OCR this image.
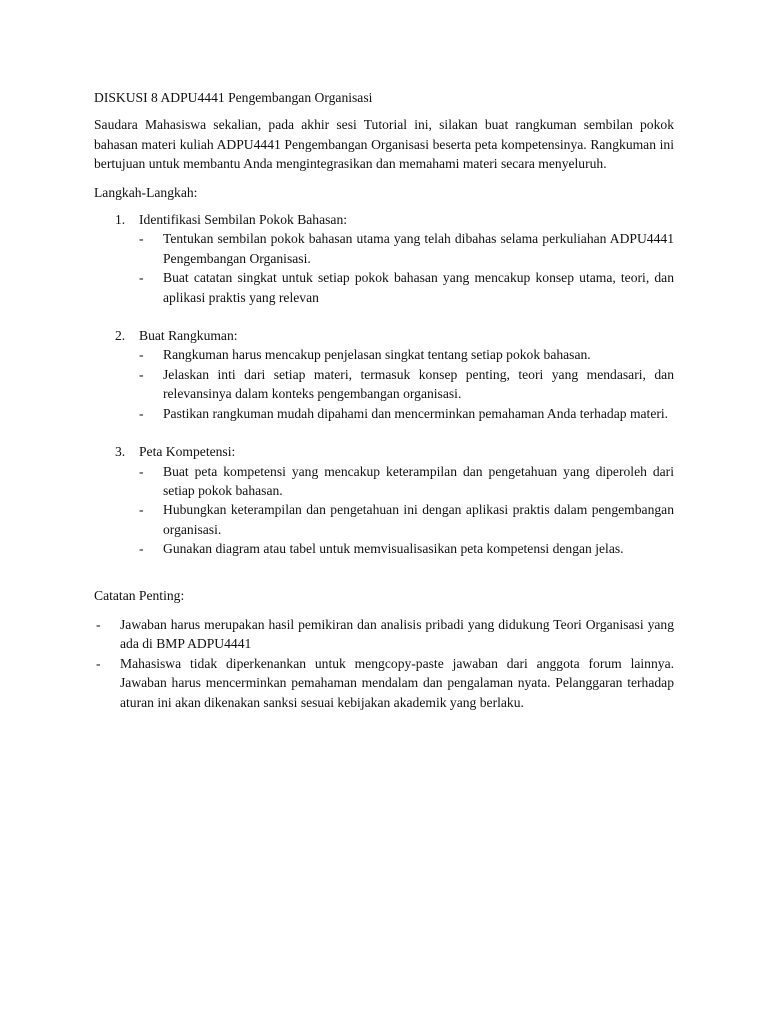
DISKUSI 8 ADPU4441 Pengembangan Organisasi

Saudara Mahasiswa sekalian, pada akhir sesi Tutorial ini, silakan buat rangkuman sembilan pokok bahasan materi kuliah ADPU4441 Pengembangan Organisasi beserta peta kompetensinya. Rangkuman ini bertujuan untuk membantu Anda mengintegrasikan dan memahami materi secara menyeluruh.

Langkah-Langkah:

1. Identifikasi Sembilan Pokok Bahasan:

- Tentukan sembilan pokok bahasan utama yang telah dibahas selama perkuliahan ADPU4441 Pengembangan Organisasi.
- Buat catatan singkat untuk setiap pokok bahasan yang mencakup konsep utama, teori, dan aplikasi praktis yang relevan
2. Buat Rangkuman:

- Rangkuman harus mencakup penjelasan singkat tentang setiap pokok bahasan.
- Jelaskan inti dari setiap materi, termasuk konsep penting, teori yang mendasari, dan relevansinya dalam konteks pengembangan organisasi.
- Pastikan rangkuman mudah dipahami dan mencerminkan pemahaman Anda terhadap materi.
3. Peta Kompetensi:

- Buat peta kompetensi yang mencakup keterampilan dan pengetahuan yang diperoleh dari setiap pokok bahasan.
- Hubungkan keterampilan dan pengetahuan ini dengan aplikasi praktis dalam pengembangan organisasi.
- Gunakan diagram atau tabel untuk memvisualisasikan peta kompetensi dengan jelas.

Catatan Penting:

- Jawaban harus merupakan hasil pemikiran dan analisis pribadi yang didukung Teori Organisasi yang ada di BMP ADPU4441
- Mahasiswa tidak diperkenankan untuk mengcopy-paste jawaban dari anggota forum lainnya. Jawaban harus mencerminkan pemahaman mendalam dan pengalaman nyata. Pelanggaran terhadap aturan ini akan dikenakan sanksi sesuai kebijakan akademik yang berlaku.
